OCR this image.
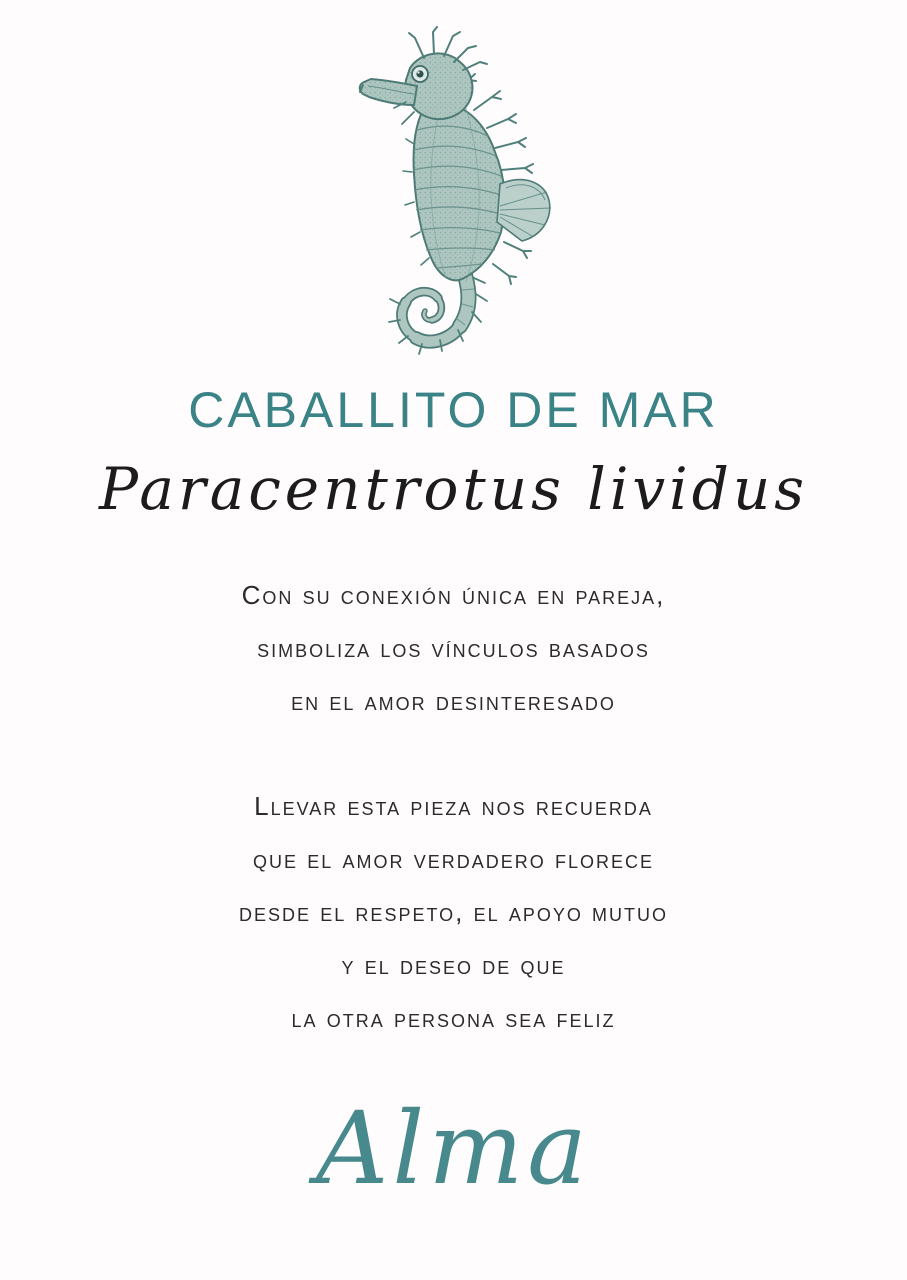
CABALLITO DE MAR
Paracentrotus lividus
Con su conexión única en pareja,
simboliza los vínculos basados
en el amor desinteresado
Llevar esta pieza nos recuerda
que el amor verdadero florece
desde el respeto, el apoyo mutuo
y el deseo de que
la otra persona sea feliz
Alma
